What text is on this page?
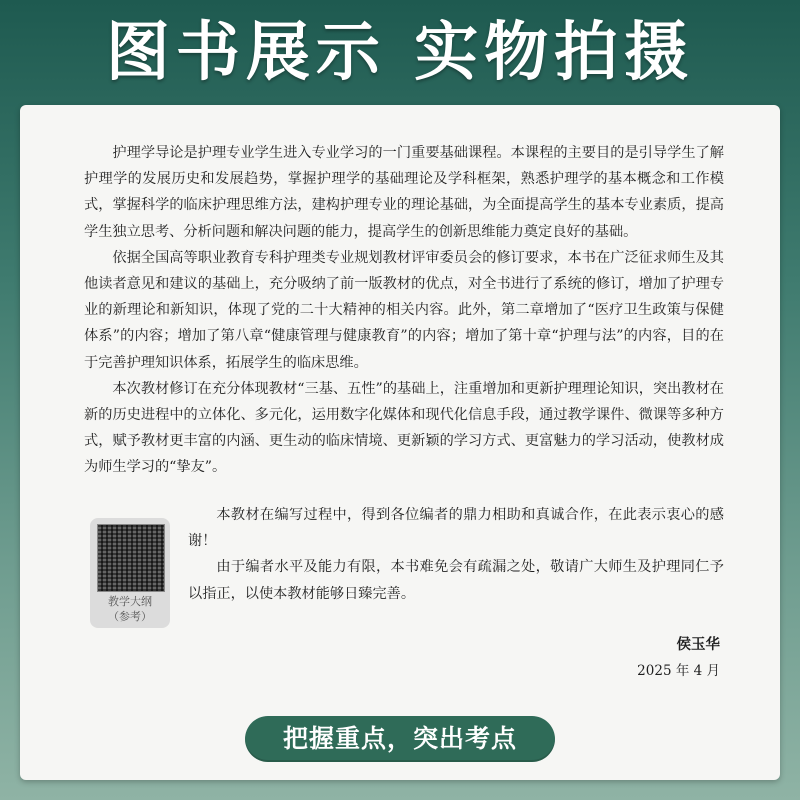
图书展示 实物拍摄

护理学导论是护理专业学生进入专业学习的一门重要基础课程。本课程的主要目的是引导学生了解护理学的发展历史和发展趋势，掌握护理学的基础理论及学科框架，熟悉护理学的基本概念和工作模式，掌握科学的临床护理思维方法，建构护理专业的理论基础，为全面提高学生的基本专业素质，提高学生独立思考、分析问题和解决问题的能力，提高学生的创新思维能力奠定良好的基础。

依据全国高等职业教育专科护理类专业规划教材评审委员会的修订要求，本书在广泛征求师生及其他读者意见和建议的基础上，充分吸纳了前一版教材的优点，对全书进行了系统的修订，增加了护理专业的新理论和新知识，体现了党的二十大精神的相关内容。此外，第二章增加了“医疗卫生政策与保健体系”的内容；增加了第八章“健康管理与健康教育”的内容；增加了第十章“护理与法”的内容，目的在于完善护理知识体系，拓展学生的临床思维。

本次教材修订在充分体现教材“三基、五性”的基础上，注重增加和更新护理理论知识，突出教材在新的历史进程中的立体化、多元化，运用数字化媒体和现代化信息手段，通过教学课件、微课等多种方式，赋予教材更丰富的内涵、更生动的临床情境、更新颖的学习方式、更富魅力的学习活动，使教材成为师生学习的“挚友”。

本教材在编写过程中，得到各位编者的鼎力相助和真诚合作，在此表示衷心的感谢！

由于编者水平及能力有限，本书难免会有疏漏之处，敬请广大师生及护理同仁予以指正，以使本教材能够日臻完善。

教学大纲
（参考）
侯玉华
2025 年 4 月
把握重点，突出考点
